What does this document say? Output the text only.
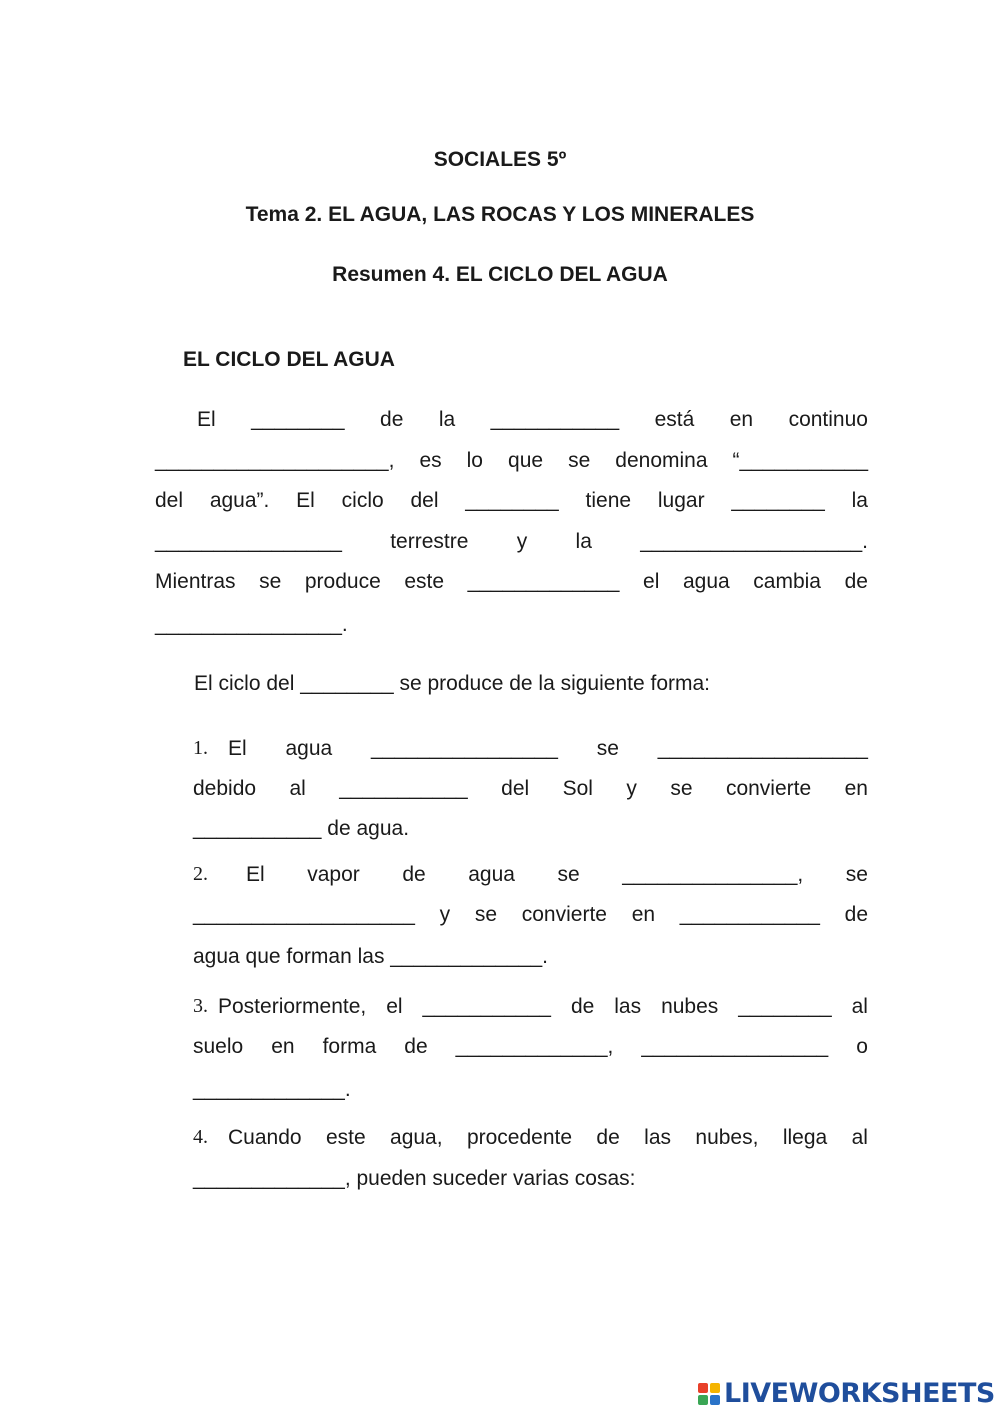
SOCIALES 5º
Tema 2. EL AGUA, LAS ROCAS Y LOS MINERALES
Resumen 4. EL CICLO DEL AGUA
EL CICLO DEL AGUA
El ________ de la ___________ está en continuo
____________________, es lo que se denomina “___________
del agua”. El ciclo del ________ tiene lugar ________ la
________________ terrestre y la ___________________.
Mientras se produce este _____________ el agua cambia de
________________.
El ciclo del ________ se produce de la siguiente forma:
1. El agua ________________ se __________________
debido al ___________ del Sol y se convierte en
___________ de agua.
2. El vapor de agua se _______________, se
___________________ y se convierte en ____________ de
agua que forman las _____________.
3. Posteriormente, el ___________ de las nubes ________ al
suelo en forma de _____________, ________________ o
_____________.
4. Cuando este agua, procedente de las nubes, llega al
_____________, pueden suceder varias cosas:
LIVEWORKSHEETS
